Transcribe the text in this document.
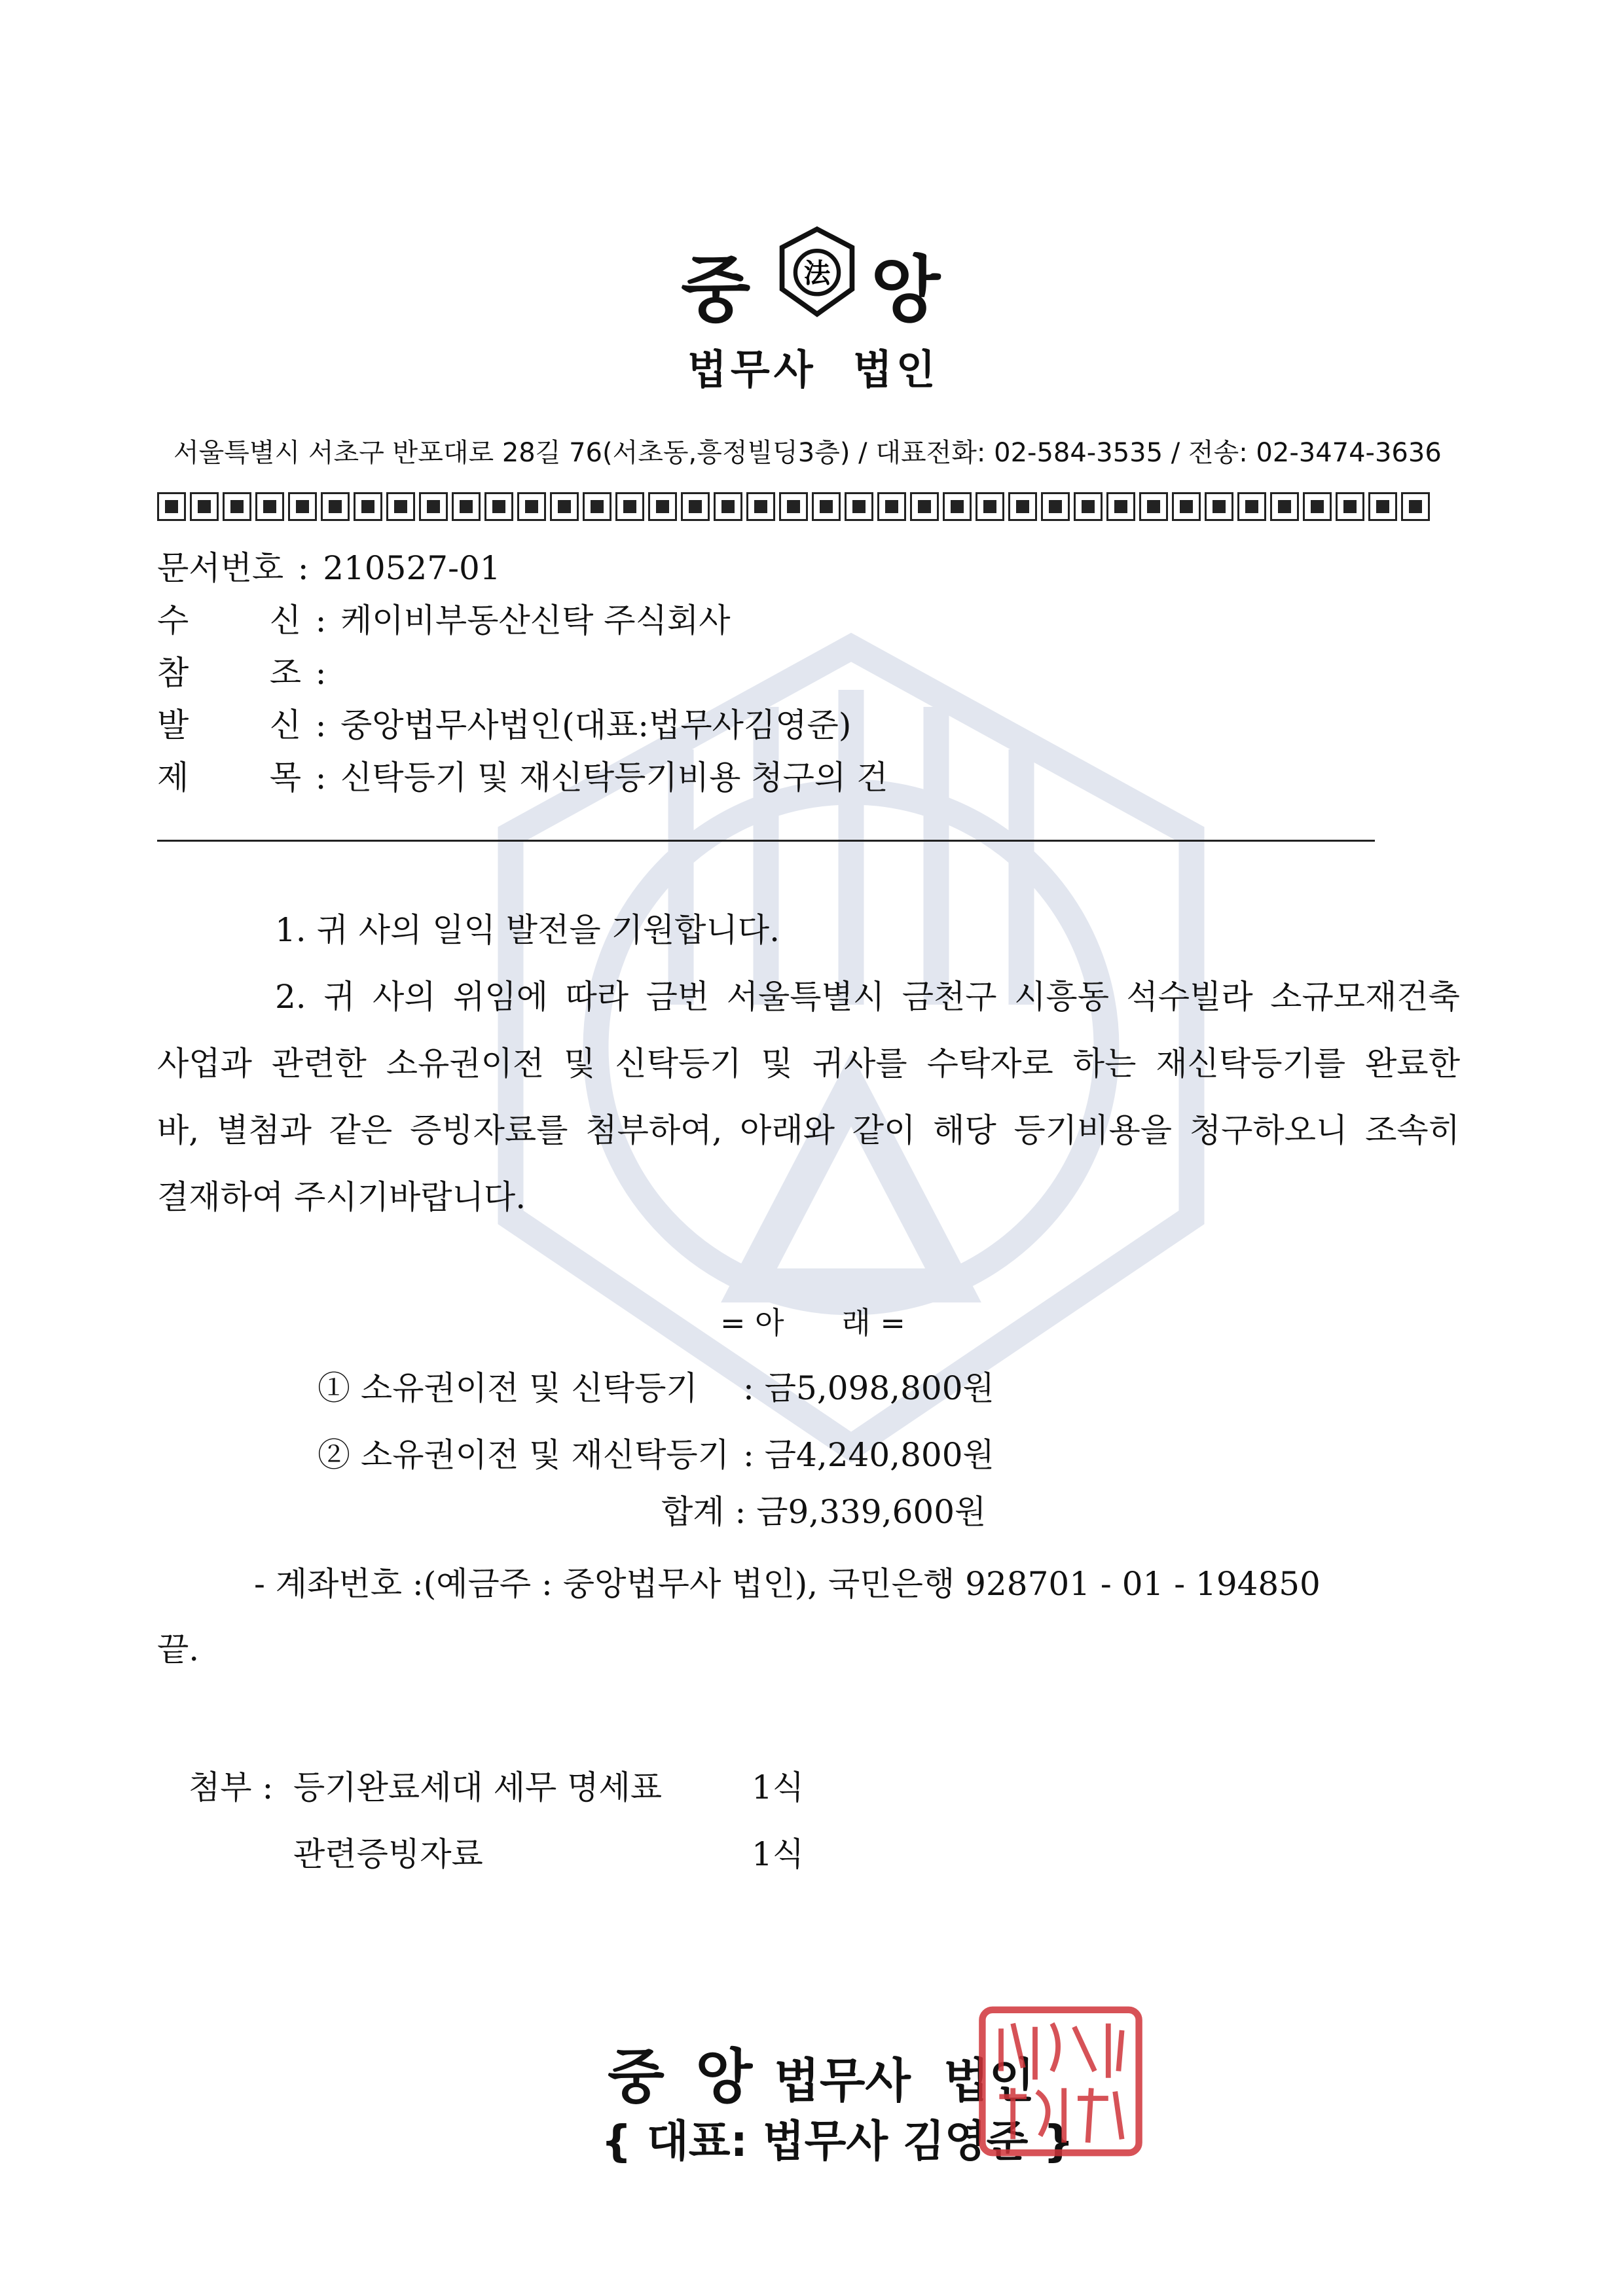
중 法 앙
법무사  법인
서울특별시 서초구 반포대로 28길 76(서초동,흥정빌딩3층) / 대표전화: 02-584-3535 / 전송: 02-3474-3636
문서번호 : 210527-01
수 신 : 케이비부동산신탁 주식회사
참 조 :
발 신 : 중앙법무사법인(대표:법무사김영준)
제 목 : 신탁등기 및 재신탁등기비용 청구의 건

1. 귀 사의 일익 발전을 기원합니다.

2. 귀 사의 위임에 따라 금번 서울특별시 금천구 시흥동 석수빌라 소규모재건축

사업과 관련한 소유권이전 및 신탁등기 및 귀사를 수탁자로 하는 재신탁등기를 완료한

바, 별첨과 같은 증빙자료를 첨부하여, 아래와 같이 해당 등기비용을 청구하오니 조속히

결재하여 주시기바랍니다.

= 아      래 =
① 소유권이전 및 신탁등기	: 금5,098,800원
② 소유권이전 및 재신탁등기 : 금4,240,800원
합계 : 금9,339,600원
- 계좌번호 :(예금주 : 중앙법무사 법인), 국민은행 928701 - 01 - 194850
끝.
첨부 : 등기완료세대 세무 명세표	1식
관련증빙자료	1식
중 앙 법무사  법인
{ 대표: 법무사 김영준 }
